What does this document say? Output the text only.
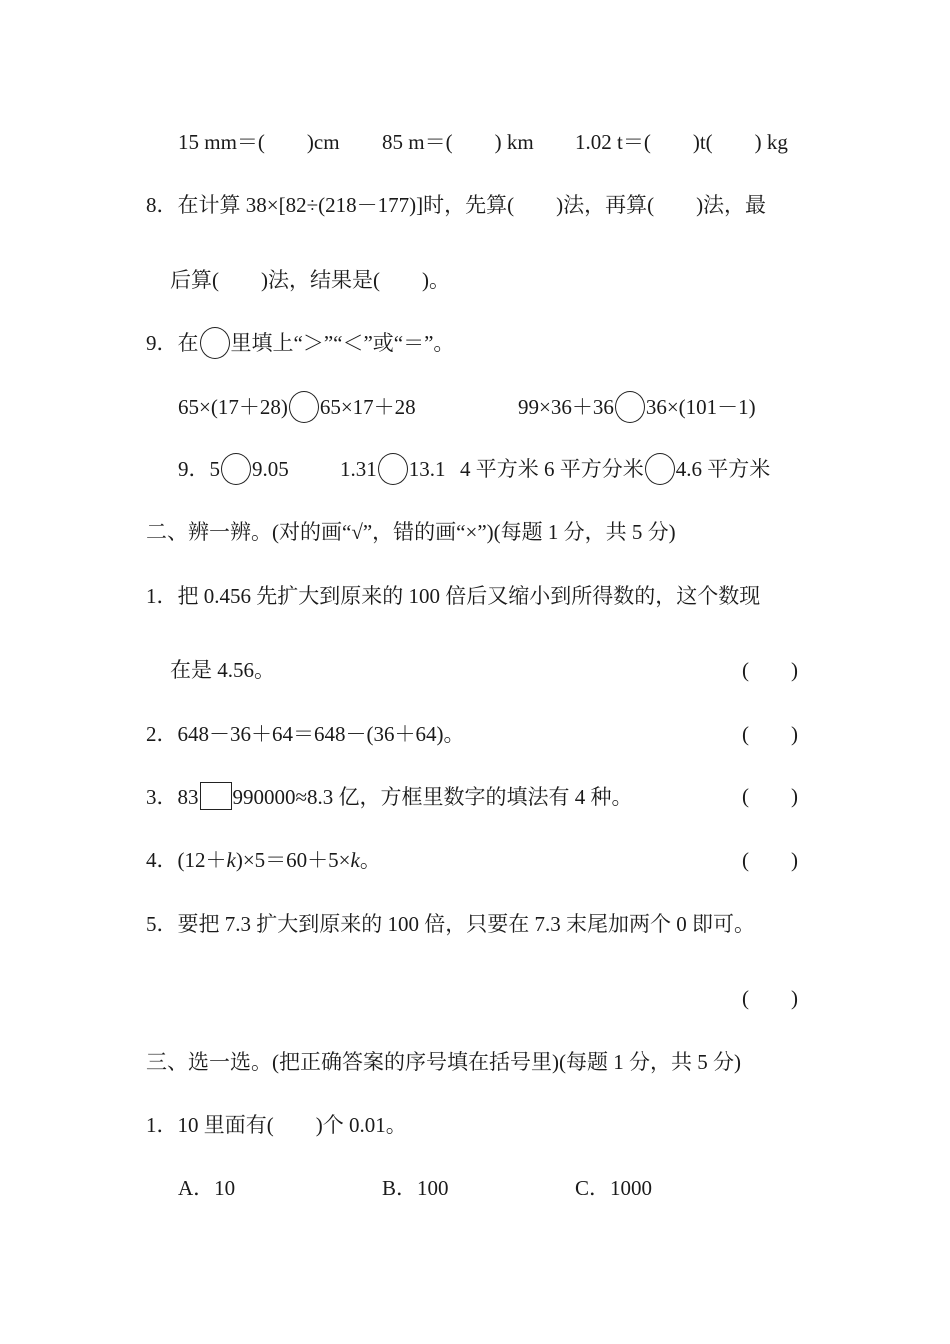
15 mm＝(　　)cm 85 m＝(　　) km 1.02 t＝(　　)t(　　) kg
8．在计算 38×[82÷(218－177)]时，先算(　　)法，再算(　　)法，最
后算(　　)法，结果是(　　)。
9．在 里填上“＞”“＜”或“＝”。
65×(17＋28) 65×17＋28	99×36＋36 36×(101－1)
9．5 9.05 1.31 13.1 4 平方米 6 平方分米 4.6 平方米
二、辨一辨。(对的画“√”，错的画“×”)(每题 1 分，共 5 分)
1．把 0.456 先扩大到原来的 100 倍后又缩小到所得数的，这个数现
在是 4.56。	(　　)
2．648－36＋64＝648－(36＋64)。	(　　)
3．83 990000≈8.3 亿，方框里数字的填法有 4 种。	(　　)
4．(12＋k)×5＝60＋5×k。	(　　)
5．要把 7.3 扩大到原来的 100 倍，只要在 7.3 末尾加两个 0 即可。
(　　)
三、选一选。(把正确答案的序号填在括号里)(每题 1 分，共 5 分)
1．10 里面有(　　)个 0.01。
A．10	B．100	C．1000
